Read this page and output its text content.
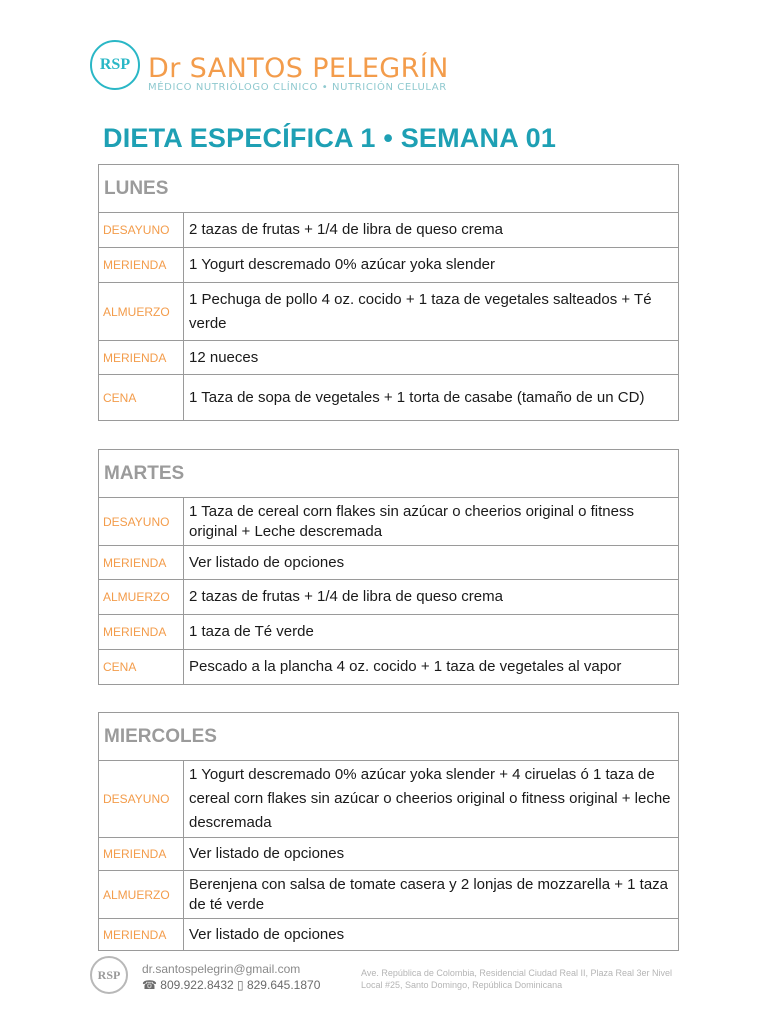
RSP Dr SANTOS PELEGRÍN
MÉDICO NUTRIÓLOGO CLÍNICO • NUTRICIÓN CELULAR
DIETA ESPECÍFICA 1 • SEMANA 01
LUNES	
DESAYUNO	2 tazas de frutas + 1/4 de libra de queso crema
MERIENDA	1 Yogurt descremado 0% azúcar yoka slender
ALMUERZO	1 Pechuga de pollo 4 oz. cocido + 1 taza de vegetales salteados + Té verde
MERIENDA	12 nueces
CENA	1 Taza de sopa de vegetales + 1 torta de casabe (tamaño de un CD)
MARTES	
DESAYUNO	1 Taza de cereal corn flakes sin azúcar o cheerios original o fitness original + Leche descremada
MERIENDA	Ver listado de opciones
ALMUERZO	2 tazas de frutas + 1/4 de libra de queso crema
MERIENDA	1 taza de Té verde
CENA	Pescado a la plancha 4 oz. cocido + 1 taza de vegetales al vapor
MIERCOLES	
DESAYUNO	1 Yogurt descremado 0% azúcar yoka slender + 4 ciruelas ó 1 taza de cereal corn flakes sin azúcar o cheerios original o fitness original + leche descremada
MERIENDA	Ver listado de opciones
ALMUERZO	Berenjena con salsa de tomate casera y 2 lonjas de mozzarella + 1 taza de té verde
MERIENDA	Ver listado de opciones
RSP	dr.santospelegrin@gmail.com
☎ 809.922.8432 ▯ 829.645.1870
Ave. República de Colombia, Residencial Ciudad Real II, Plaza Real 3er Nivel
Local #25, Santo Domingo, República Dominicana
